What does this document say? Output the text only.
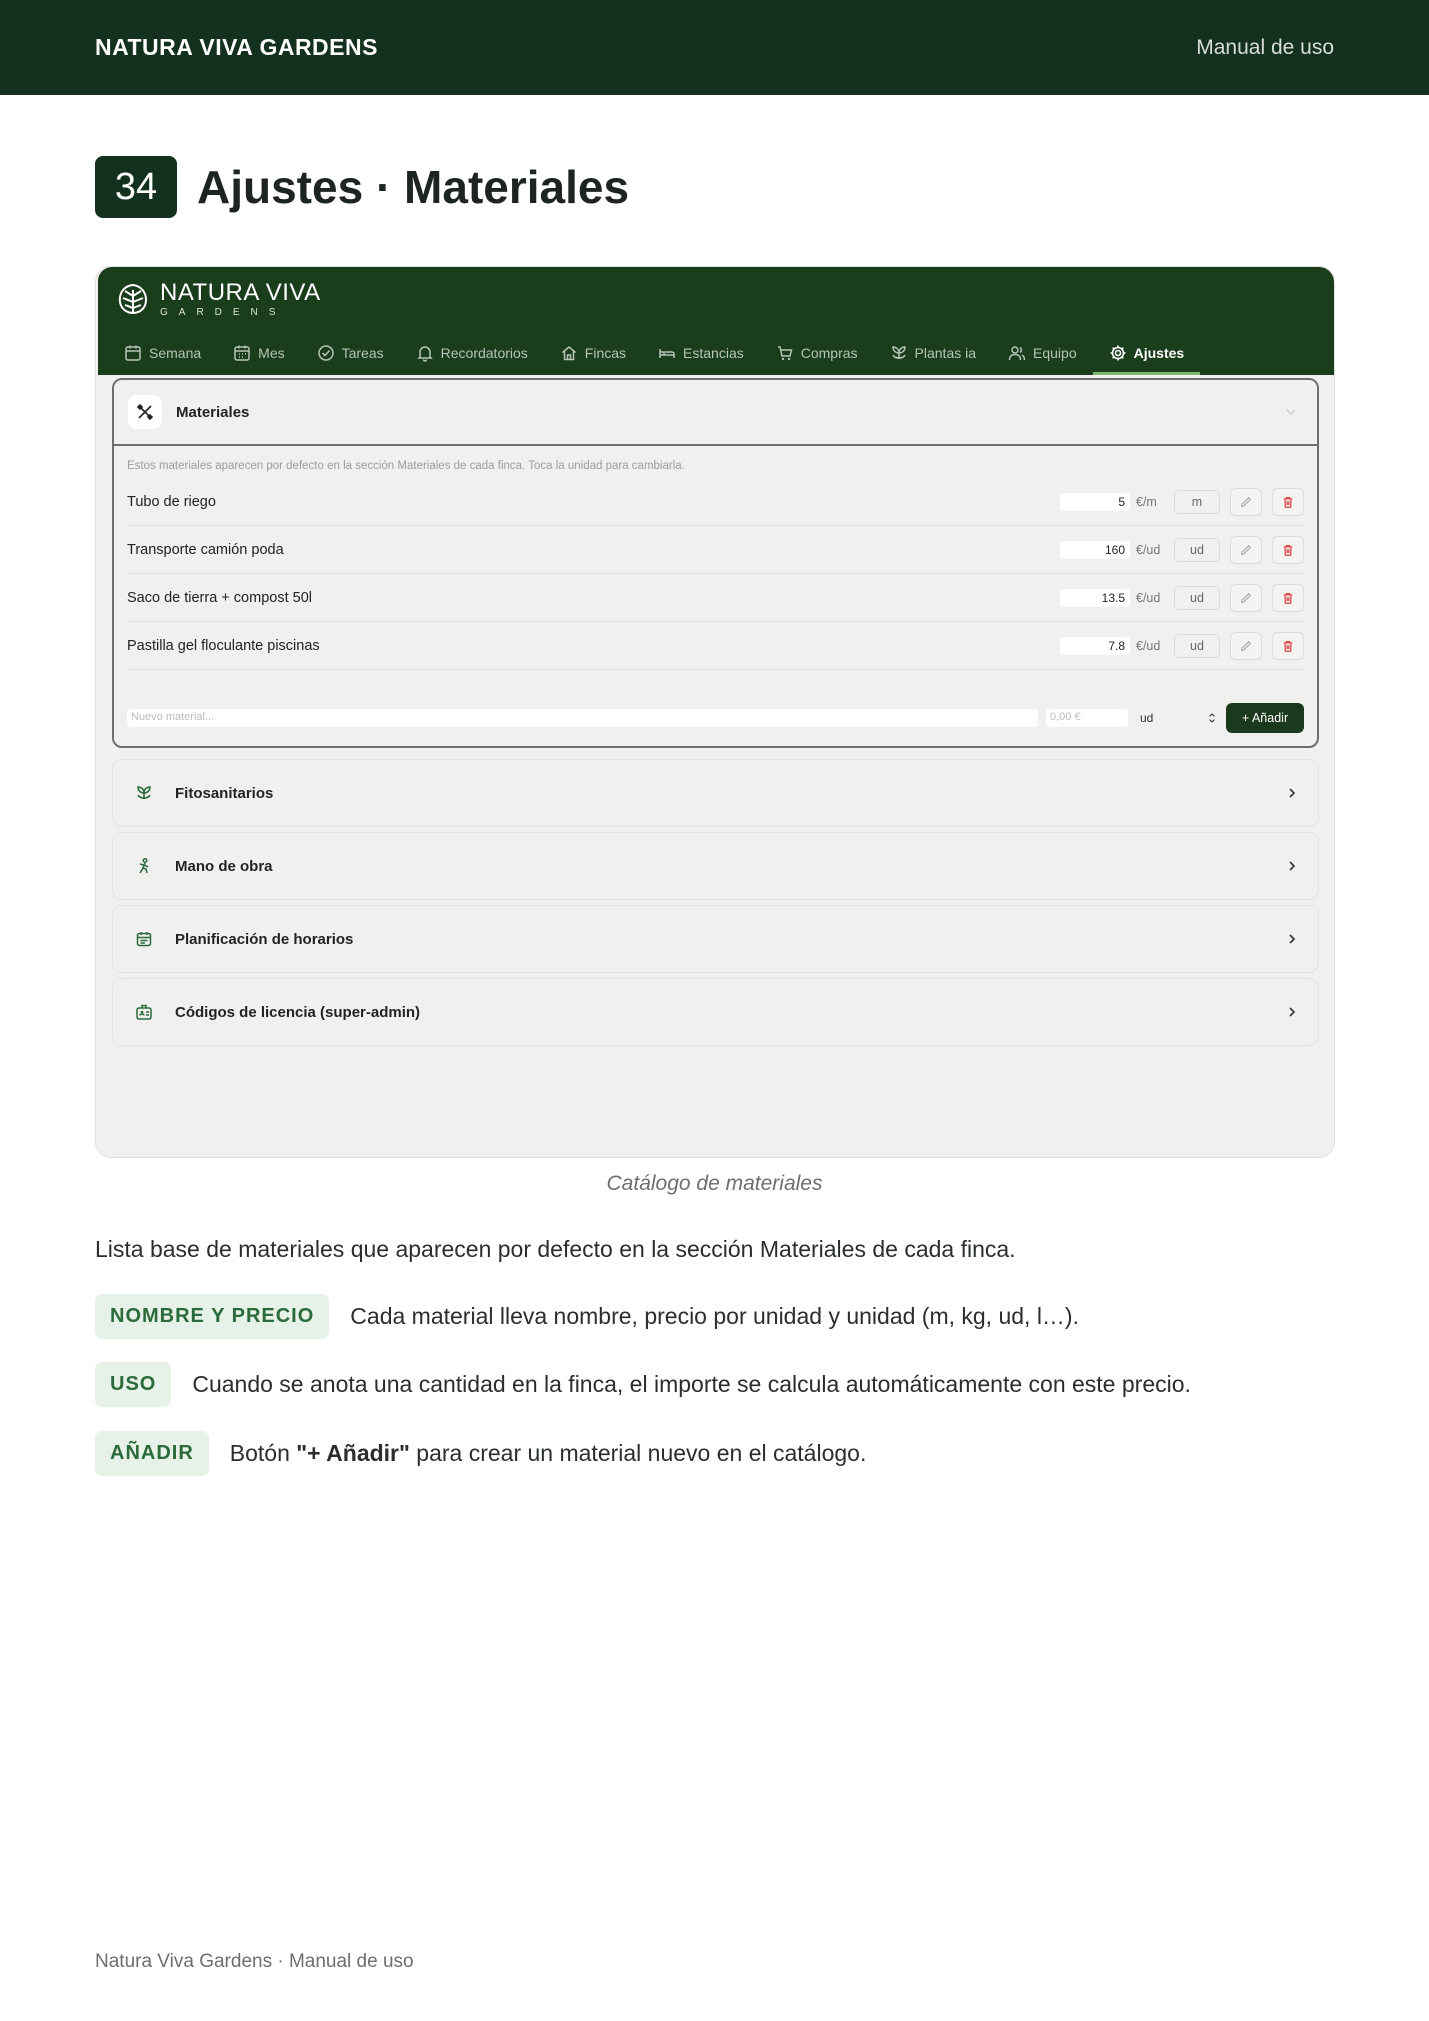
NATURA VIVA GARDENS	Manual de uso
34 Ajustes · Materiales
NATURA VIVA
GARDENS
Semana	Mes	Tareas	Recordatorios	Fincas	Estancias	Compras	Plantas ia	Equipo	Ajustes
Materiales
Estos materiales aparecen por defecto en la sección Materiales de cada finca. Toca la unidad para cambiarla.
Tubo de riego	5 €/m	m
Transporte camión poda	160 €/ud	ud
Saco de tierra + compost 50l	13.5 €/ud	ud
Pastilla gel floculante piscinas	7.8 €/ud	ud
Nuevo material...	0,00 €	ud	+ Añadir
Fitosanitarios
Mano de obra
Planificación de horarios
Códigos de licencia (super-admin)
Catálogo de materiales
Lista base de materiales que aparecen por defecto en la sección Materiales de cada finca.
NOMBRE Y PRECIO	Cada material lleva nombre, precio por unidad y unidad (m, kg, ud, l…).
USO	Cuando se anota una cantidad en la finca, el importe se calcula automáticamente con este precio.
AÑADIR	Botón "+ Añadir" para crear un material nuevo en el catálogo.
Natura Viva Gardens · Manual de uso
